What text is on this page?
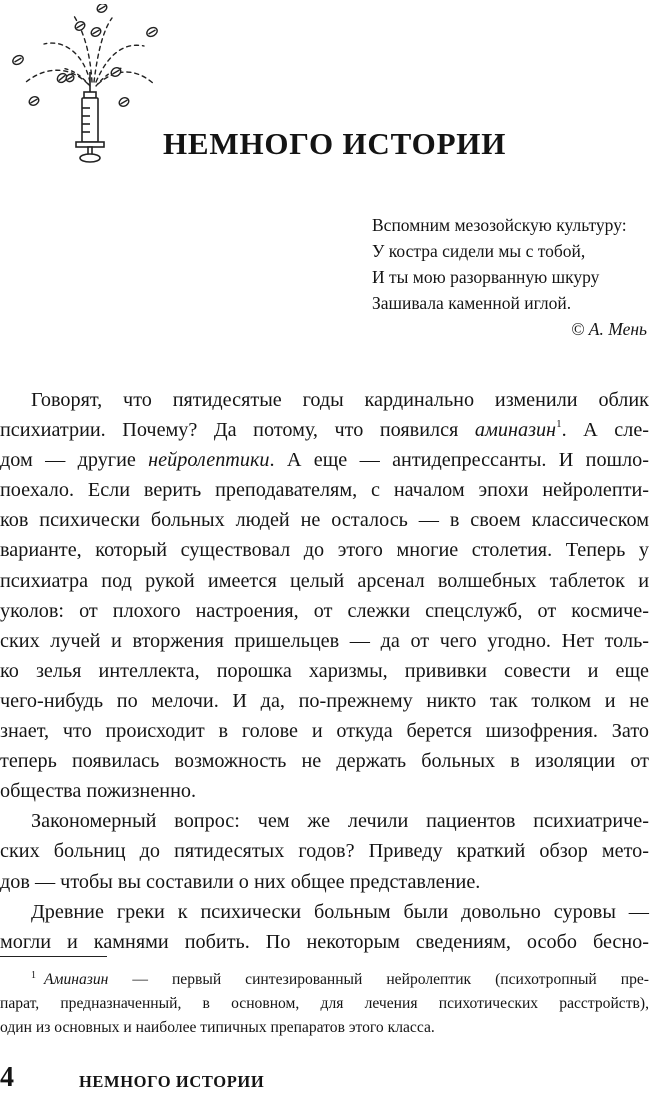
НЕМНОГО ИСТОРИИ
Вспомним мезозойскую культуру:
У костра сидели мы с тобой,
И ты мою разорванную шкуру
Зашивала каменной иглой.
© А. Мень
Говорят, что пятидесятые годы кардинально изменили облик
психиатрии. Почему? Да потому, что появился аминазин$^1$. А сле-
дом — другие нейролептики. А еще — антидепрессанты. И пошло-
поехало. Если верить преподавателям, с началом эпохи нейролепти-
ков психически больных людей не осталось — в своем классическом
варианте, который существовал до этого многие столетия. Теперь у
психиатра под рукой имеется целый арсенал волшебных таблеток и
уколов: от плохого настроения, от слежки спецслужб, от космиче-
ских лучей и вторжения пришельцев — да от чего угодно. Нет толь-
ко зелья интеллекта, порошка харизмы, прививки совести и еще
чего-нибудь по мелочи. И да, по-прежнему никто так толком и не
знает, что происходит в голове и откуда берется шизофрения. Зато
теперь появилась возможность не держать больных в изоляции от
общества пожизненно.
Закономерный вопрос: чем же лечили пациентов психиатриче-
ских больниц до пятидесятых годов? Приведу краткий обзор мето-
дов — чтобы вы составили о них общее представление.
Древние греки к психически больным были довольно суровы —
могли и камнями побить. По некоторым сведениям, особо бесно-
$^1$ Аминазин — первый синтезированный нейролептик (психотропный пре-
парат, предназначенный, в основном, для лечения психотических расстройств),
один из основных и наиболее типичных препаратов этого класса.
4	НЕМНОГО ИСТОРИИ
